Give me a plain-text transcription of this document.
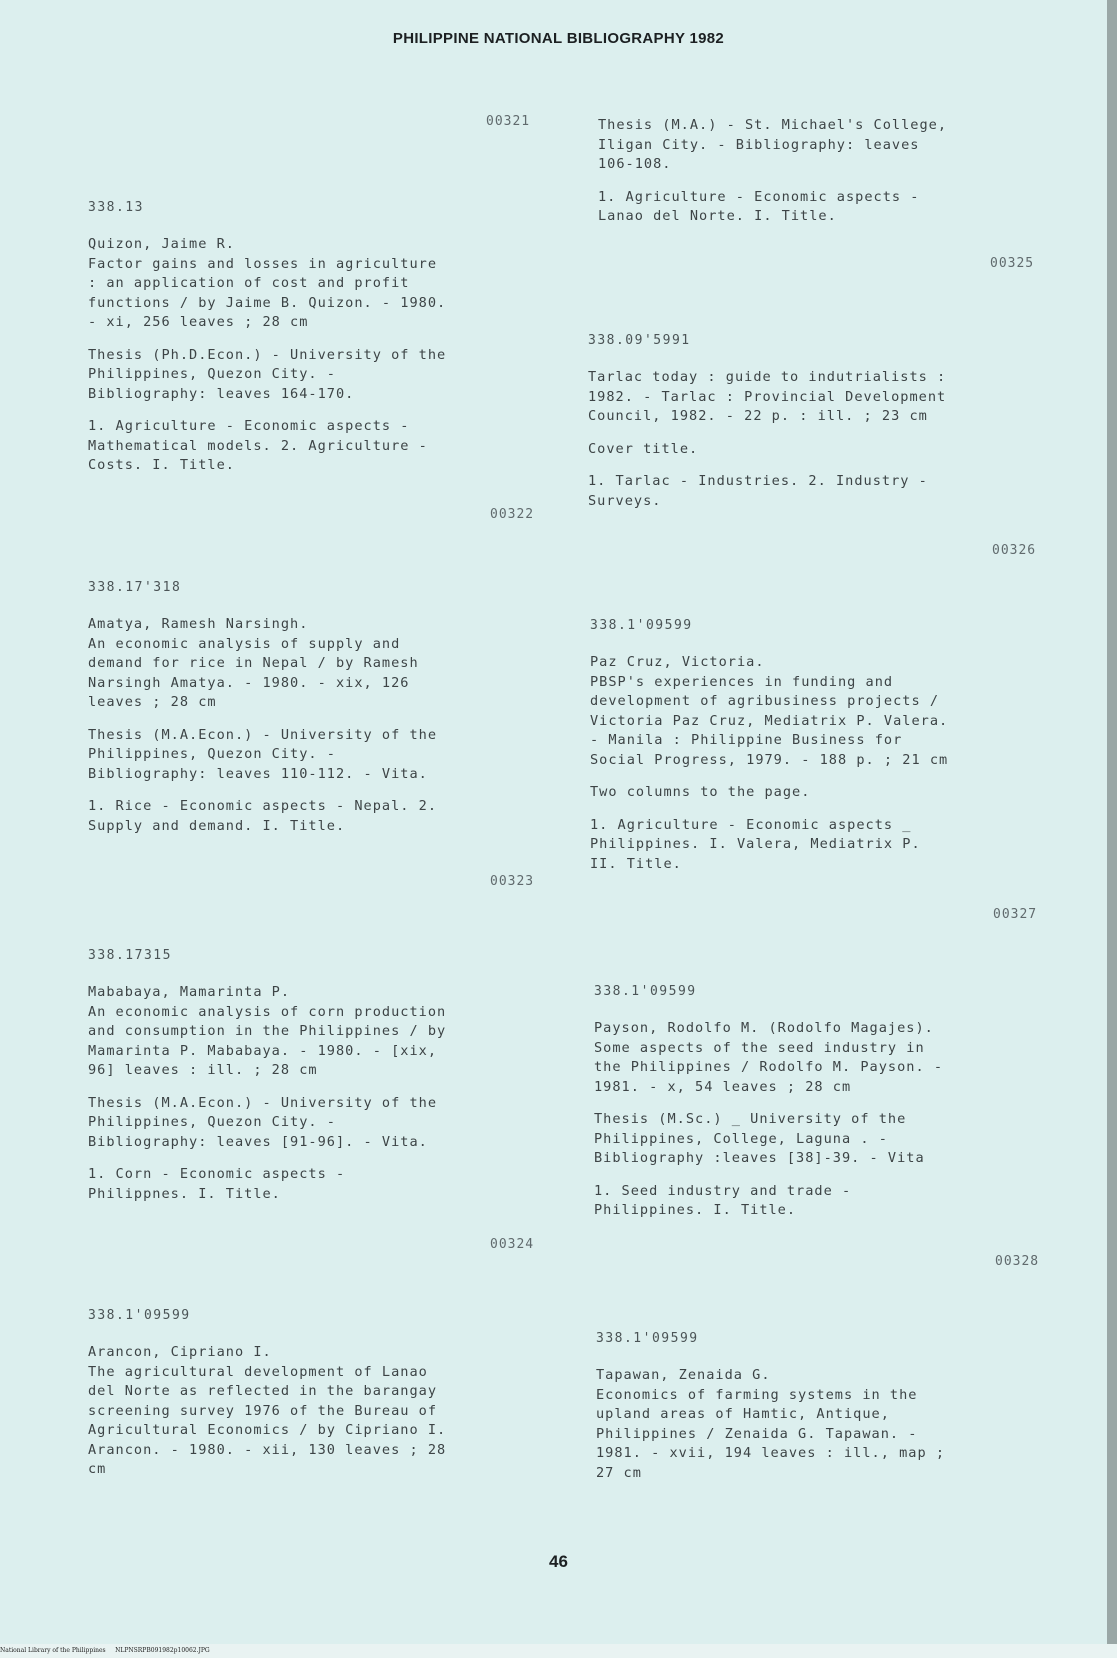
PHILIPPINE NATIONAL BIBLIOGRAPHY 1982
00321
338.13

Quizon, Jaime R.
Factor gains and losses in agriculture
: an application of cost and profit
functions / by Jaime B. Quizon. - 1980.
- xi, 256 leaves ; 28 cm

Thesis (Ph.D.Econ.) - University of the
Philippines, Quezon City. -
Bibliography: leaves 164-170.

1. Agriculture - Economic aspects -
Mathematical models. 2. Agriculture -
Costs. I. Title.

00322
338.17'318

Amatya, Ramesh Narsingh.
An economic analysis of supply and
demand for rice in Nepal / by Ramesh
Narsingh Amatya. - 1980. - xix, 126
leaves ; 28 cm

Thesis (M.A.Econ.) - University of the
Philippines, Quezon City. -
Bibliography: leaves 110-112. - Vita.

1. Rice - Economic aspects - Nepal. 2.
Supply and demand. I. Title.

00323
338.17315

Mababaya, Mamarinta P.
An economic analysis of corn production
and consumption in the Philippines / by
Mamarinta P. Mababaya. - 1980. - [xix,
96] leaves : ill. ; 28 cm

Thesis (M.A.Econ.) - University of the
Philippines, Quezon City. -
Bibliography: leaves [91-96]. - Vita.

1. Corn - Economic aspects -
Philippnes. I. Title.

00324
338.1'09599

Arancon, Cipriano I.
The agricultural development of Lanao
del Norte as reflected in the barangay
screening survey 1976 of the Bureau of
Agricultural Economics / by Cipriano I.
Arancon. - 1980. - xii, 130 leaves ; 28
cm

Thesis (M.A.) - St. Michael's College,
Iligan City. - Bibliography: leaves
106-108.

1. Agriculture - Economic aspects -
Lanao del Norte. I. Title.

00325
338.09'5991

Tarlac today : guide to indutrialists :
1982. - Tarlac : Provincial Development
Council, 1982. - 22 p. : ill. ; 23 cm

Cover title.

1. Tarlac - Industries. 2. Industry -
Surveys.

00326
338.1'09599

Paz Cruz, Victoria.
PBSP's experiences in funding and
development of agribusiness projects /
Victoria Paz Cruz, Mediatrix P. Valera.
- Manila : Philippine Business for
Social Progress, 1979. - 188 p. ; 21 cm

Two columns to the page.

1. Agriculture - Economic aspects _
Philippines. I. Valera, Mediatrix P.
II. Title.

00327
338.1'09599

Payson, Rodolfo M. (Rodolfo Magajes).
Some aspects of the seed industry in
the Philippines / Rodolfo M. Payson. -
1981. - x, 54 leaves ; 28 cm

Thesis (M.Sc.) _ University of the
Philippines, College, Laguna . -
Bibliography :leaves [38]-39. - Vita

1. Seed industry and trade -
Philippines. I. Title.

00328
338.1'09599

Tapawan, Zenaida G.
Economics of farming systems in the
upland areas of Hamtic, Antique,
Philippines / Zenaida G. Tapawan. -
1981. - xvii, 194 leaves : ill., map ;
27 cm

46
National Library of the Philippines     NLPNSRPB091982p10062.JPG
